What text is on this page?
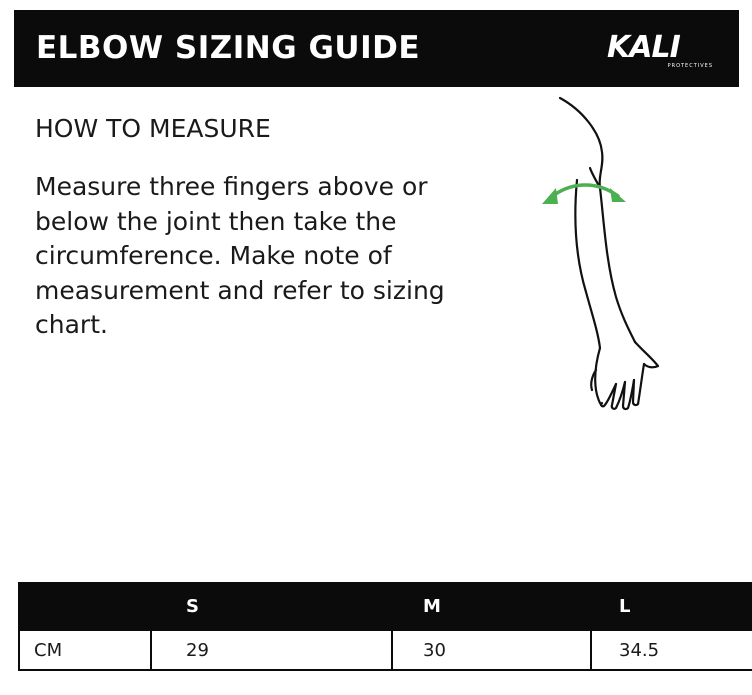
ELBOW SIZING GUIDE	KALI
PROTECTIVES
HOW TO MEASURE

Measure three fingers above or below the joint then take the circumference. Make note of measurement and refer to sizing chart.

	S	M	L
CM	29	30	34.5
